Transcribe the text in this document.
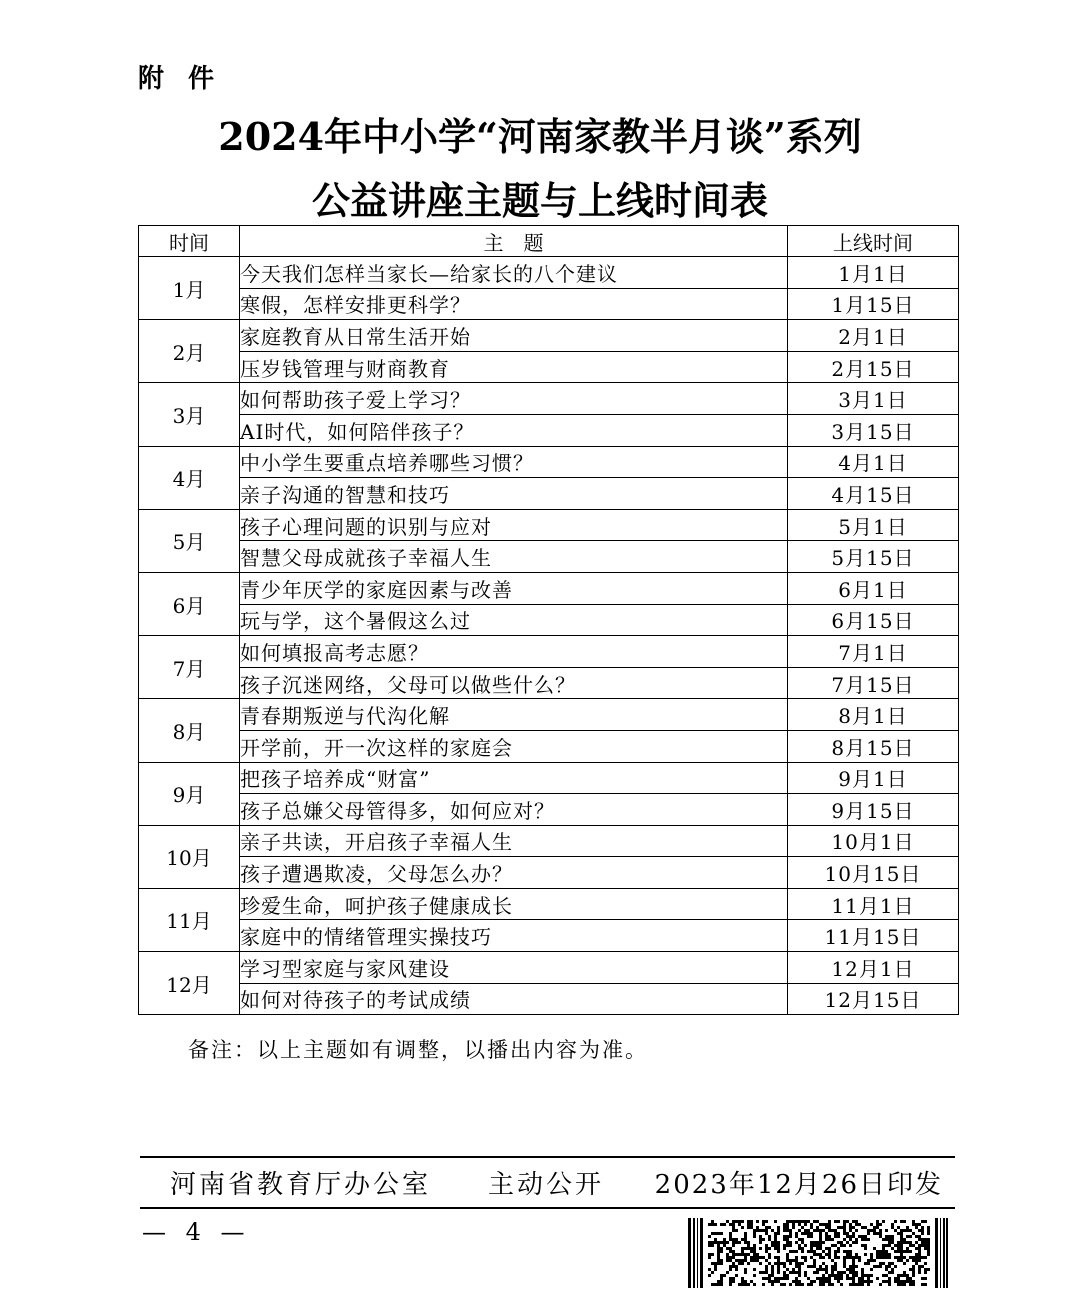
附 件
2024年中小学“河南家教半月谈”系列
公益讲座主题与上线时间表
时间	主　题	上线时间
1月	今天我们怎样当家长—给家长的八个建议	1月1日
	寒假，怎样安排更科学？	1月15日
2月	家庭教育从日常生活开始	2月1日
	压岁钱管理与财商教育	2月15日
3月	如何帮助孩子爱上学习？	3月1日
	AI时代，如何陪伴孩子？	3月15日
4月	中小学生要重点培养哪些习惯？	4月1日
	亲子沟通的智慧和技巧	4月15日
5月	孩子心理问题的识别与应对	5月1日
	智慧父母成就孩子幸福人生	5月15日
6月	青少年厌学的家庭因素与改善	6月1日
	玩与学，这个暑假这么过	6月15日
7月	如何填报高考志愿？	7月1日
	孩子沉迷网络，父母可以做些什么？	7月15日
8月	青春期叛逆与代沟化解	8月1日
	开学前，开一次这样的家庭会	8月15日
9月	把孩子培养成“财富”	9月1日
	孩子总嫌父母管得多，如何应对？	9月15日
10月	亲子共读，开启孩子幸福人生	10月1日
	孩子遭遇欺凌，父母怎么办？	10月15日
11月	珍爱生命，呵护孩子健康成长	11月1日
	家庭中的情绪管理实操技巧	11月15日
12月	学习型家庭与家风建设	12月1日
	如何对待孩子的考试成绩	12月15日
备注：以上主题如有调整，以播出内容为准。
河南省教育厅办公室 主动公开 2023年12月26日印发
— 4 —
